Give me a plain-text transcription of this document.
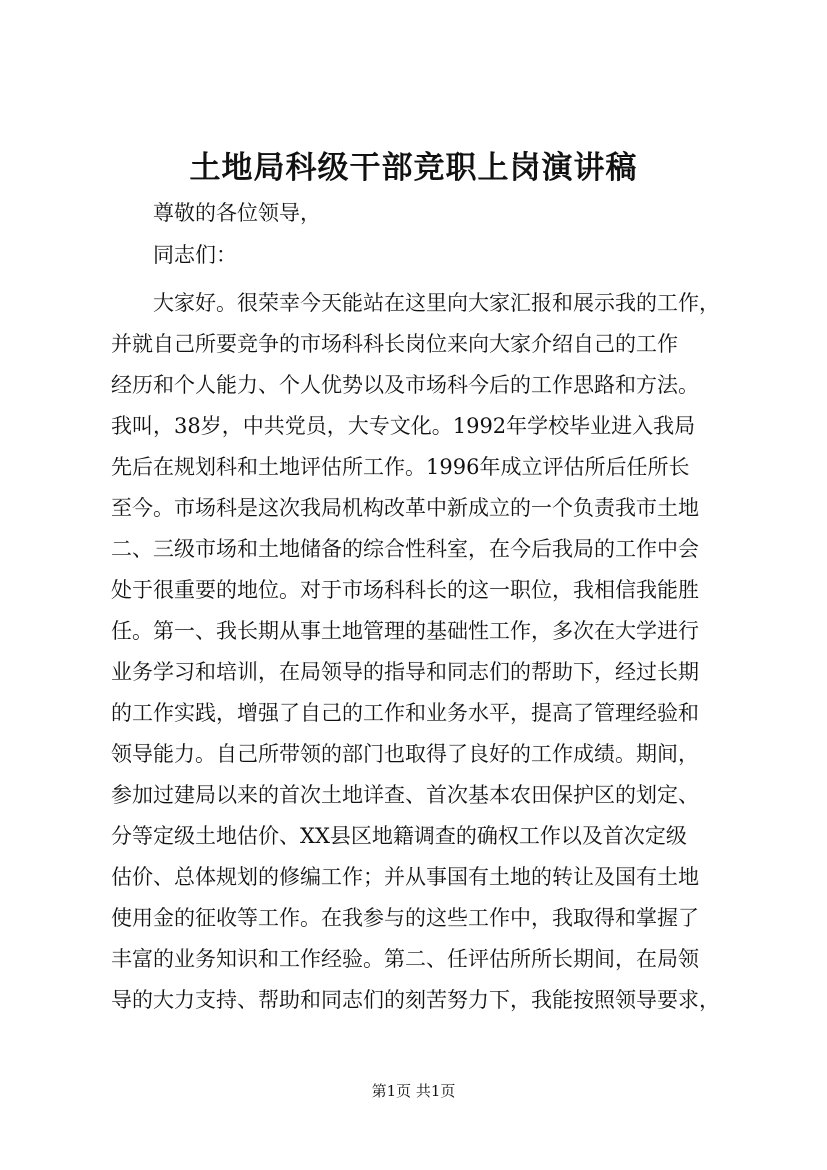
土地局科级干部竞职上岗演讲稿
尊敬的各位领导，
同志们：
大家好。很荣幸今天能站在这里向大家汇报和展示我的工作，
并就自己所要竞争的市场科科长岗位来向大家介绍自己的工作
经历和个人能力、个人优势以及市场科今后的工作思路和方法。
我叫，38岁，中共党员，大专文化。1992年学校毕业进入我局
先后在规划科和土地评估所工作。1996年成立评估所后任所长
至今。市场科是这次我局机构改革中新成立的一个负责我市土地
二、三级市场和土地储备的综合性科室，在今后我局的工作中会
处于很重要的地位。对于市场科科长的这一职位，我相信我能胜
任。第一、我长期从事土地管理的基础性工作，多次在大学进行
业务学习和培训，在局领导的指导和同志们的帮助下，经过长期
的工作实践，增强了自己的工作和业务水平，提高了管理经验和
领导能力。自己所带领的部门也取得了良好的工作成绩。期间，
参加过建局以来的首次土地详查、首次基本农田保护区的划定、
分等定级土地估价、XX县区地籍调查的确权工作以及首次定级
估价、总体规划的修编工作；并从事国有土地的转让及国有土地
使用金的征收等工作。在我参与的这些工作中，我取得和掌握了
丰富的业务知识和工作经验。第二、任评估所所长期间，在局领
导的大力支持、帮助和同志们的刻苦努力下，我能按照领导要求，
第1页 共1页
